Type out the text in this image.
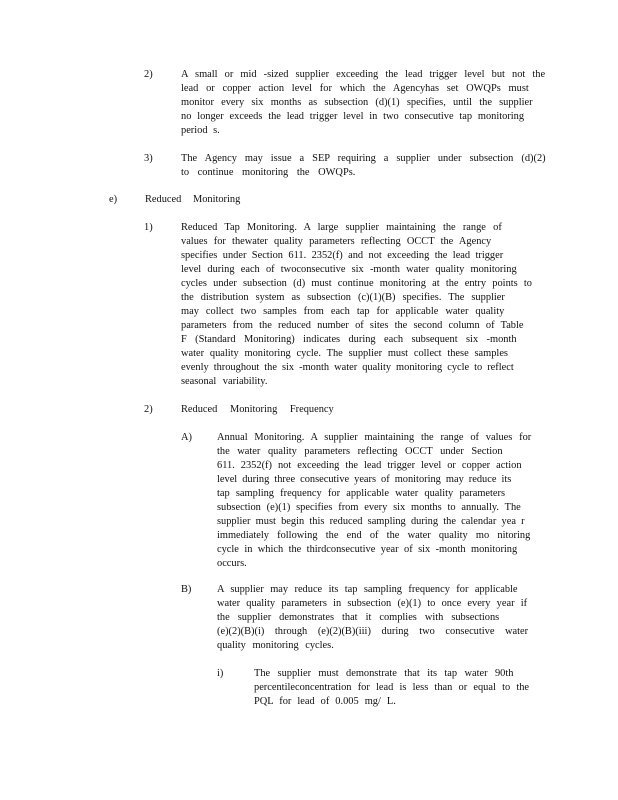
2)	A small or mid -sized supplier exceeding the lead trigger level but not the
lead or copper action level for which the Agencyhas set OWQPs must
monitor every six months as subsection (d)(1) specifies, until the supplier
no longer exceeds the lead trigger level in two consecutive tap monitoring
period s.
3)	The Agency may issue a SEP requiring a supplier under subsection (d)(2)
to continue monitoring the OWQPs.
e)	Reduced Monitoring
1)	Reduced Tap Monitoring. A large supplier maintaining the range of
values for thewater quality parameters reflecting OCCT the Agency
specifies under Section 611. 2352(f) and not exceeding the lead trigger
level during each of twoconsecutive six -month water quality monitoring
cycles under subsection (d) must continue monitoring at the entry points to
the distribution system as subsection (c)(1)(B) specifies. The supplier
may collect two samples from each tap for applicable water quality
parameters from the reduced number of sites the second column of Table
F (Standard Monitoring) indicates during each subsequent six -month
water quality monitoring cycle. The supplier must collect these samples
evenly throughout the six -month water quality monitoring cycle to reflect
seasonal variability.
2)	Reduced Monitoring Frequency
A) Annual Monitoring. A supplier maintaining the range of values for
the water quality parameters reflecting OCCT under Section
611. 2352(f) not exceeding the lead trigger level or copper action
level during three consecutive years of monitoring may reduce its
tap sampling frequency for applicable water quality parameters
subsection (e)(1) specifies from every six months to annually. The
supplier must begin this reduced sampling during the calendar yea r
immediately following the end of the water quality mo nitoring
cycle in which the thirdconsecutive year of six -month monitoring
occurs.
B) A supplier may reduce its tap sampling frequency for applicable
water quality parameters in subsection (e)(1) to once every year if
the supplier demonstrates that it complies with subsections
(e)(2)(B)(i) through (e)(2)(B)(iii) during two consecutive water
quality monitoring cycles.
i)	The supplier must demonstrate that its tap water 90th
percentileconcentration for lead is less than or equal to the
PQL for lead of 0.005 mg/ L.
